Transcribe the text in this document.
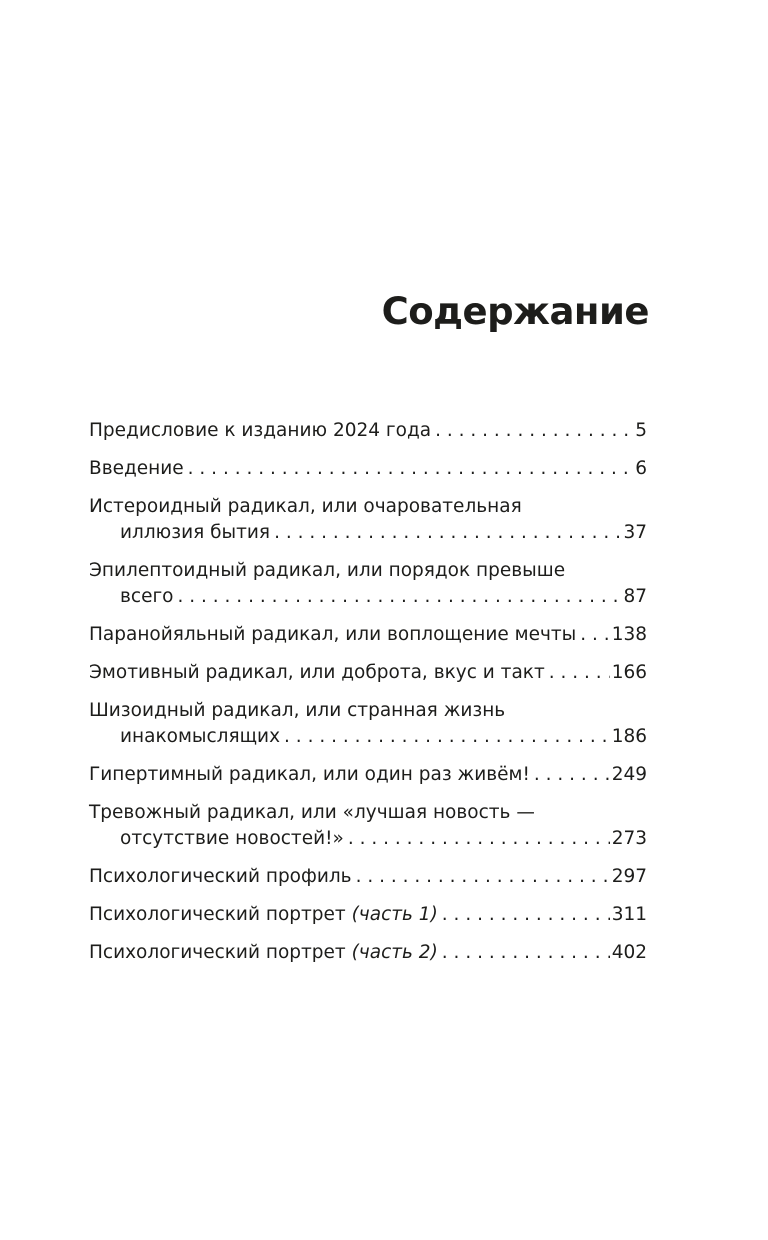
Содержание
Предисловие к изданию 2024 года . . .	5
Введение . . .	6
Истероидный радикал, или очаровательная
иллюзия бытия . . .	37
Эпилептоидный радикал, или порядок превыше
всего . . .	87
Паранойяльный радикал, или воплощение мечты . . . 138
Эмотивный радикал, или доброта, вкус и такт . . .	166
Шизоидный радикал, или странная жизнь
инакомыслящих . . .	186
Гипертимный радикал, или один раз живём! . . .	249
Тревожный радикал, или «лучшая новость —
отсутствие новостей!» . . .	273
Психологический профиль . . .	297
Психологический портрет (часть 1) . . .	311
Психологический портрет (часть 2) . . .	402
